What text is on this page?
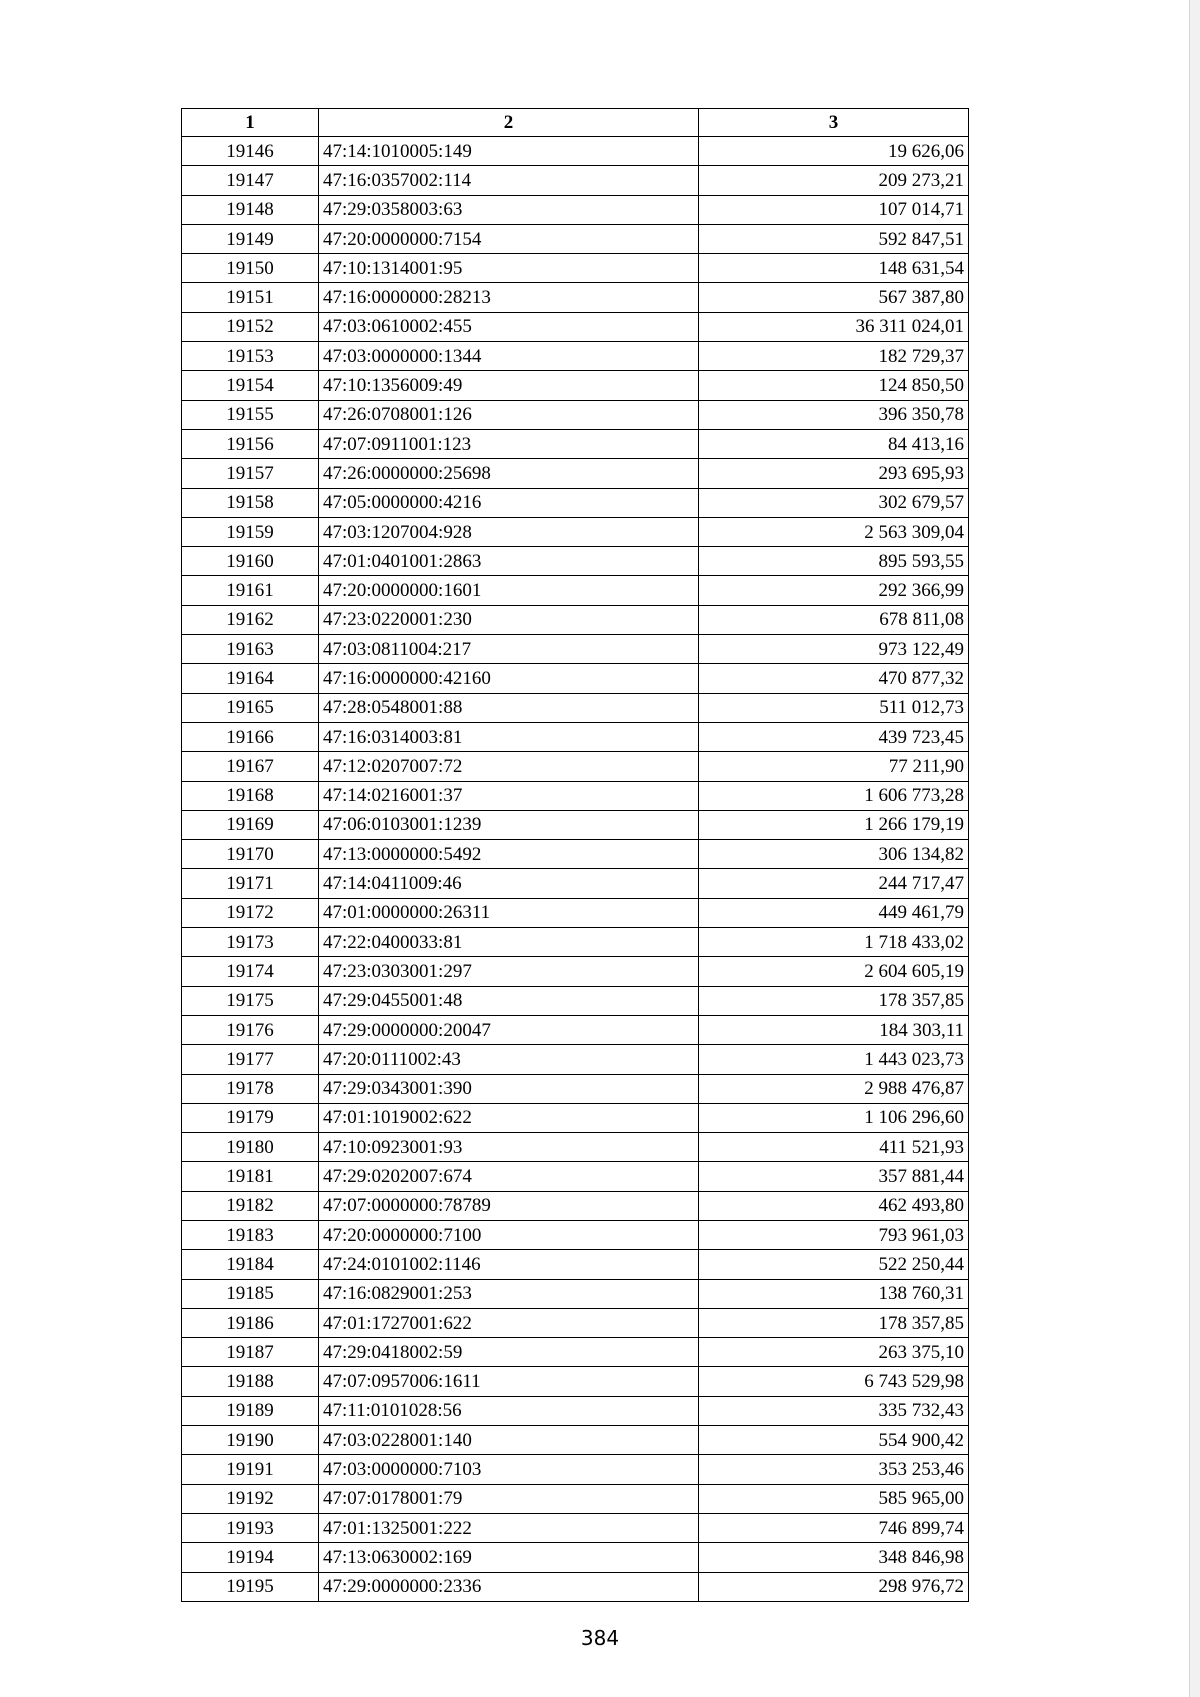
1	2	3
19146	47:14:1010005:149	19 626,06
19147	47:16:0357002:114	209 273,21
19148	47:29:0358003:63	107 014,71
19149	47:20:0000000:7154	592 847,51
19150	47:10:1314001:95	148 631,54
19151	47:16:0000000:28213	567 387,80
19152	47:03:0610002:455	36 311 024,01
19153	47:03:0000000:1344	182 729,37
19154	47:10:1356009:49	124 850,50
19155	47:26:0708001:126	396 350,78
19156	47:07:0911001:123	84 413,16
19157	47:26:0000000:25698	293 695,93
19158	47:05:0000000:4216	302 679,57
19159	47:03:1207004:928	2 563 309,04
19160	47:01:0401001:2863	895 593,55
19161	47:20:0000000:1601	292 366,99
19162	47:23:0220001:230	678 811,08
19163	47:03:0811004:217	973 122,49
19164	47:16:0000000:42160	470 877,32
19165	47:28:0548001:88	511 012,73
19166	47:16:0314003:81	439 723,45
19167	47:12:0207007:72	77 211,90
19168	47:14:0216001:37	1 606 773,28
19169	47:06:0103001:1239	1 266 179,19
19170	47:13:0000000:5492	306 134,82
19171	47:14:0411009:46	244 717,47
19172	47:01:0000000:26311	449 461,79
19173	47:22:0400033:81	1 718 433,02
19174	47:23:0303001:297	2 604 605,19
19175	47:29:0455001:48	178 357,85
19176	47:29:0000000:20047	184 303,11
19177	47:20:0111002:43	1 443 023,73
19178	47:29:0343001:390	2 988 476,87
19179	47:01:1019002:622	1 106 296,60
19180	47:10:0923001:93	411 521,93
19181	47:29:0202007:674	357 881,44
19182	47:07:0000000:78789	462 493,80
19183	47:20:0000000:7100	793 961,03
19184	47:24:0101002:1146	522 250,44
19185	47:16:0829001:253	138 760,31
19186	47:01:1727001:622	178 357,85
19187	47:29:0418002:59	263 375,10
19188	47:07:0957006:1611	6 743 529,98
19189	47:11:0101028:56	335 732,43
19190	47:03:0228001:140	554 900,42
19191	47:03:0000000:7103	353 253,46
19192	47:07:0178001:79	585 965,00
19193	47:01:1325001:222	746 899,74
19194	47:13:0630002:169	348 846,98
19195	47:29:0000000:2336	298 976,72
384
